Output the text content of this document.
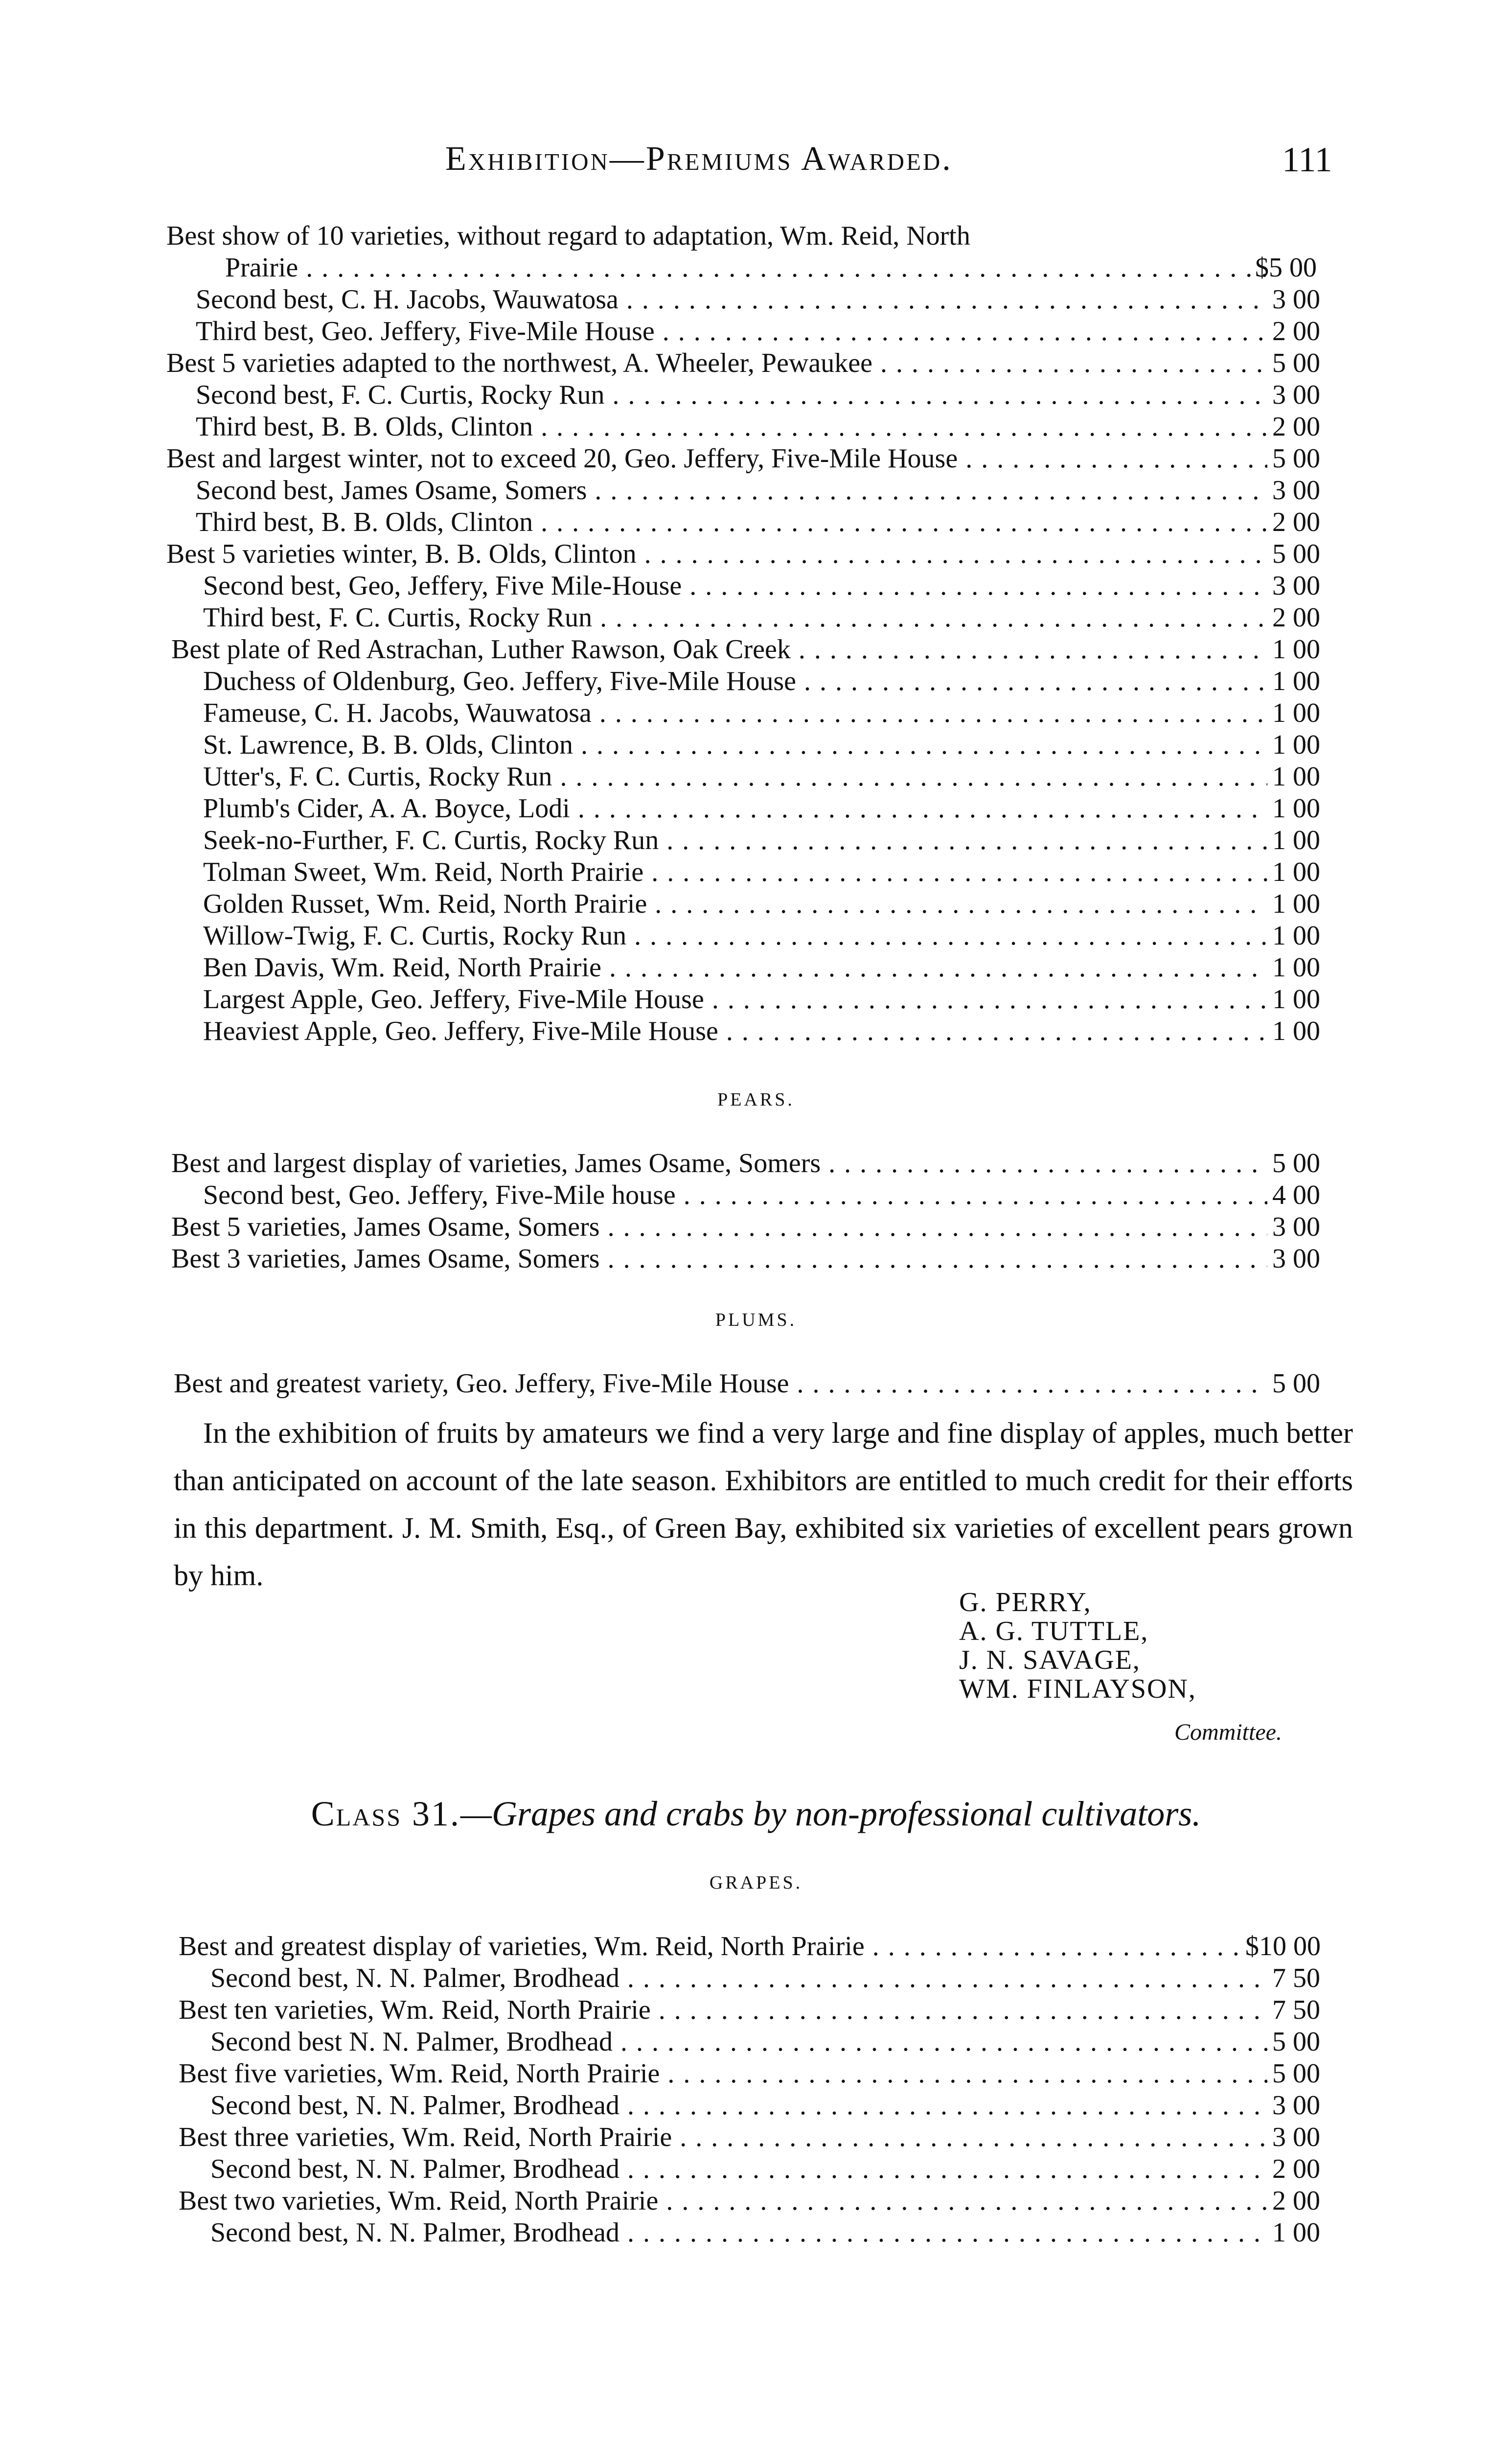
Exhibition—Premiums Awarded.	111
Best show of 10 varieties, without regard to adaptation, Wm. Reid, North
Prairie . . .	$5 00
Second best, C. H. Jacobs, Wauwatosa . . .	3 00
Third best, Geo. Jeffery, Five-Mile House . . .	2 00
Best 5 varieties adapted to the northwest, A. Wheeler, Pewaukee . . .	5 00
Second best, F. C. Curtis, Rocky Run . . .	3 00
Third best, B. B. Olds, Clinton . . .	2 00
Best and largest winter, not to exceed 20, Geo. Jeffery, Five-Mile House . . .	5 00
Second best, James Osame, Somers . . .	3 00
Third best, B. B. Olds, Clinton . . .	2 00
Best 5 varieties winter, B. B. Olds, Clinton . . .	5 00
Second best, Geo, Jeffery, Five Mile-House . . .	3 00
Third best, F. C. Curtis, Rocky Run . . .	2 00
Best plate of Red Astrachan, Luther Rawson, Oak Creek . . .	1 00
Duchess of Oldenburg, Geo. Jeffery, Five-Mile House . . .	1 00
Fameuse, C. H. Jacobs, Wauwatosa . . .	1 00
St. Lawrence, B. B. Olds, Clinton . . .	1 00
Utter's, F. C. Curtis, Rocky Run . . .	1 00
Plumb's Cider, A. A. Boyce, Lodi . . .	1 00
Seek-no-Further, F. C. Curtis, Rocky Run . . .	1 00
Tolman Sweet, Wm. Reid, North Prairie . . .	1 00
Golden Russet, Wm. Reid, North Prairie . . .	1 00
Willow-Twig, F. C. Curtis, Rocky Run . . .	1 00
Ben Davis, Wm. Reid, North Prairie . . .	1 00
Largest Apple, Geo. Jeffery, Five-Mile House . . .	1 00
Heaviest Apple, Geo. Jeffery, Five-Mile House . . .	1 00
PEARS.
Best and largest display of varieties, James Osame, Somers . . .	5 00
Second best, Geo. Jeffery, Five-Mile house . . .	4 00
Best 5 varieties, James Osame, Somers . . .	3 00
Best 3 varieties, James Osame, Somers . . .	3 00
PLUMS.
Best and greatest variety, Geo. Jeffery, Five-Mile House . . .	5 00
In the exhibition of fruits by amateurs we find a very large and fine display of apples, much better than anticipated on account of the late season. Exhibitors are entitled to much credit for their efforts in this department. J. M. Smith, Esq., of Green Bay, exhibited six varieties of excellent pears grown by him.
G. PERRY,
A. G. TUTTLE,
J. N. SAVAGE,
WM. FINLAYSON,
Committee.
Class 31.—Grapes and crabs by non-professional cultivators.
GRAPES.
Best and greatest display of varieties, Wm. Reid, North Prairie . . .	$10 00
Second best, N. N. Palmer, Brodhead . . .	7 50
Best ten varieties, Wm. Reid, North Prairie . . .	7 50
Second best N. N. Palmer, Brodhead . . .	5 00
Best five varieties, Wm. Reid, North Prairie . . .	5 00
Second best, N. N. Palmer, Brodhead . . .	3 00
Best three varieties, Wm. Reid, North Prairie . . .	3 00
Second best, N. N. Palmer, Brodhead . . .	2 00
Best two varieties, Wm. Reid, North Prairie . . .	2 00
Second best, N. N. Palmer, Brodhead . . .	1 00
